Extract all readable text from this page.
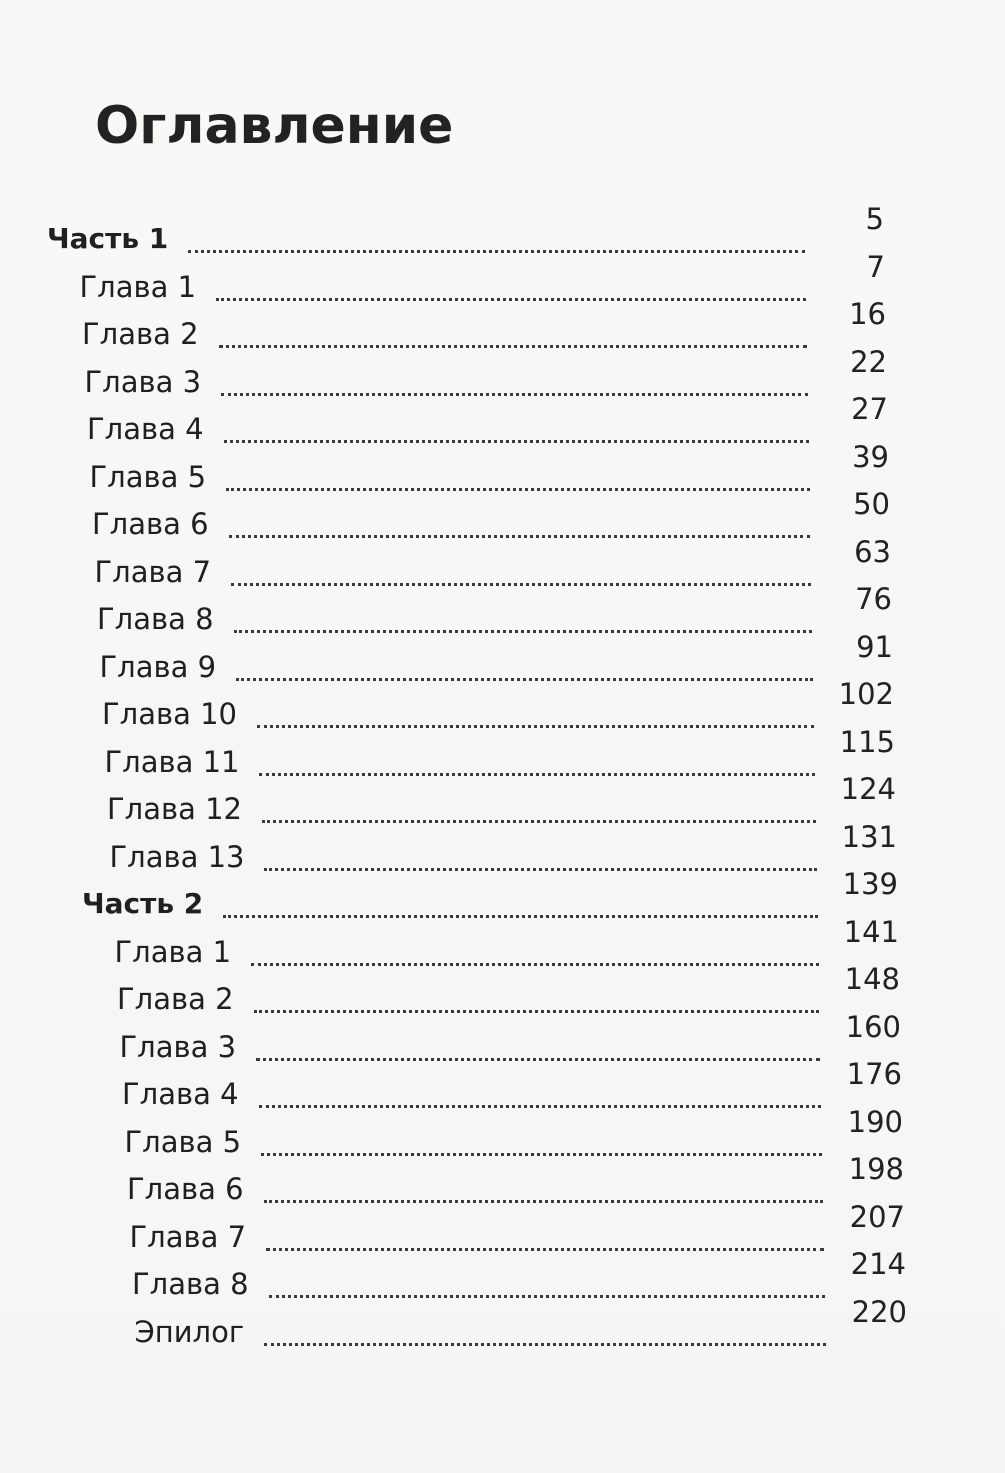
Оглавление
Часть 1
5
Глава 1
7
Глава 2
16
Глава 3
22
Глава 4
27
Глава 5
39
Глава 6
50
Глава 7
63
Глава 8
76
Глава 9
91
Глава 10
102
Глава 11
115
Глава 12
124
Глава 13
131
Часть 2
139
Глава 1
141
Глава 2
148
Глава 3
160
Глава 4
176
Глава 5
190
Глава 6
198
Глава 7
207
Глава 8
214
Эпилог
220
